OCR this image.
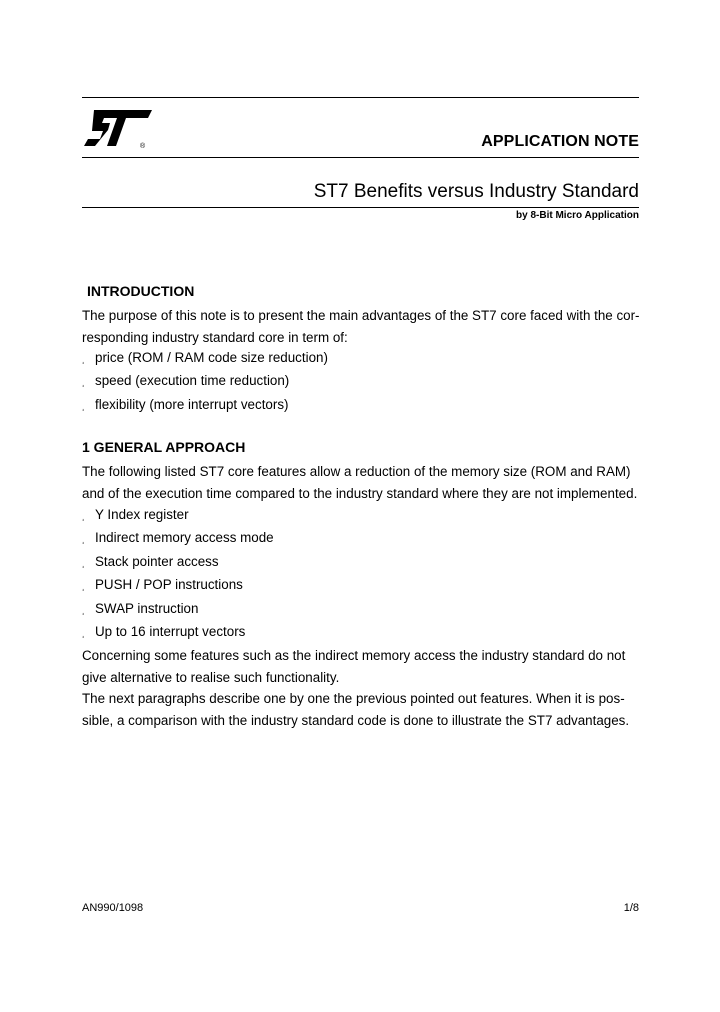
®	APPLICATION NOTE
ST7 Benefits versus Industry Standard
by 8-Bit Micro Application
INTRODUCTION
The purpose of this note is to present the main advantages of the ST7 core faced with the cor-
responding industry standard core in term of:
¸ price (ROM / RAM code size reduction)
¸ speed (execution time reduction)
¸ flexibility (more interrupt vectors)
1 GENERAL APPROACH
The following listed ST7 core features allow a reduction of the memory size (ROM and RAM)
and of the execution time compared to the industry standard where they are not implemented.
¸ Y Index register
¸ Indirect memory access mode
¸ Stack pointer access
¸ PUSH / POP instructions
¸ SWAP instruction
¸ Up to 16 interrupt vectors
Concerning some features such as the indirect memory access the industry standard do not
give alternative to realise such functionality.
The next paragraphs describe one by one the previous pointed out features. When it is pos-
sible, a comparison with the industry standard code is done to illustrate the ST7 advantages.
AN990/1098	1/8
